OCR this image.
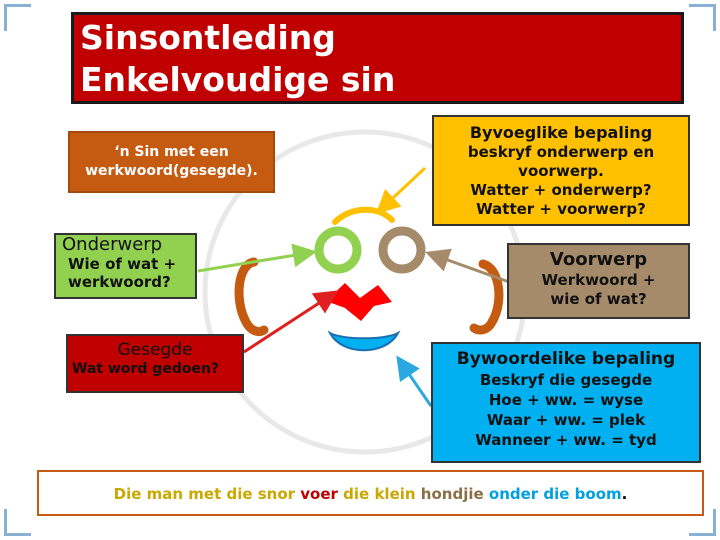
Sinsontleding
Enkelvoudige sin
‘n Sin met een
werkwoord(gesegde).
Byvoeglike bepaling
beskryf onderwerp en
voorwerp.
Watter + onderwerp?
Watter + voorwerp?
Onderwerp
Wie of wat +
werkwoord?
Voorwerp
Werkwoord +
wie of wat?
Gesegde
Wat word gedoen?	Bywoordelike bepaling
Beskryf die gesegde
Hoe + ww. = wyse
Waar + ww. = plek
Wanneer + ww. = tyd
Die man met die snor voer die klein hondjie onder die boom.
